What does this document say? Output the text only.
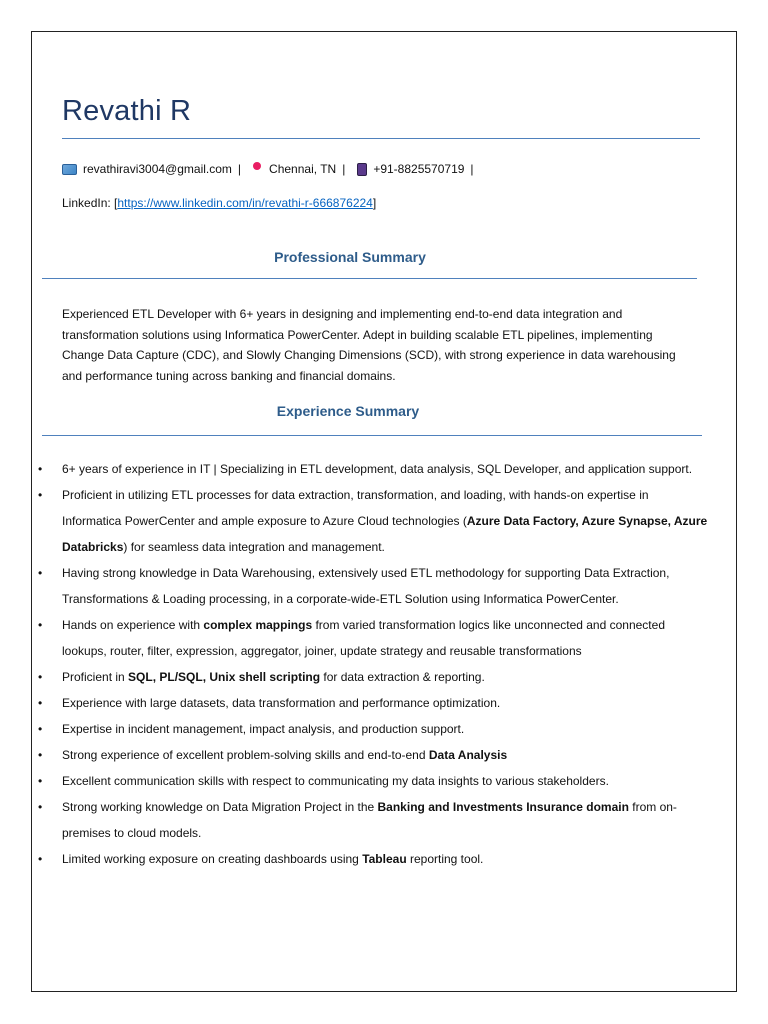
Revathi R
revathiravi3004@gmail.com | Chennai, TN | +91-8825570719 |
LinkedIn: [https://www.linkedin.com/in/revathi-r-666876224]
Professional Summary
Experienced ETL Developer with 6+ years in designing and implementing end-to-end data integration and transformation solutions using Informatica PowerCenter. Adept in building scalable ETL pipelines, implementing Change Data Capture (CDC), and Slowly Changing Dimensions (SCD), with strong experience in data warehousing and performance tuning across banking and financial domains.
Experience Summary
• 6+ years of experience in IT | Specializing in ETL development, data analysis, SQL Developer, and application support.
• Proficient in utilizing ETL processes for data extraction, transformation, and loading, with hands-on expertise in Informatica PowerCenter and ample exposure to Azure Cloud technologies (Azure Data Factory, Azure Synapse, Azure Databricks) for seamless data integration and management.
• Having strong knowledge in Data Warehousing, extensively used ETL methodology for supporting Data Extraction, Transformations & Loading processing, in a corporate-wide-ETL Solution using Informatica PowerCenter.
• Hands on experience with complex mappings from varied transformation logics like unconnected and connected lookups, router, filter, expression, aggregator, joiner, update strategy and reusable transformations
• Proficient in SQL, PL/SQL, Unix shell scripting for data extraction & reporting.
• Experience with large datasets, data transformation and performance optimization.
• Expertise in incident management, impact analysis, and production support.
• Strong experience of excellent problem-solving skills and end-to-end Data Analysis
• Excellent communication skills with respect to communicating my data insights to various stakeholders.
• Strong working knowledge on Data Migration Project in the Banking and Investments Insurance domain from on-premises to cloud models.
• Limited working exposure on creating dashboards using Tableau reporting tool.
